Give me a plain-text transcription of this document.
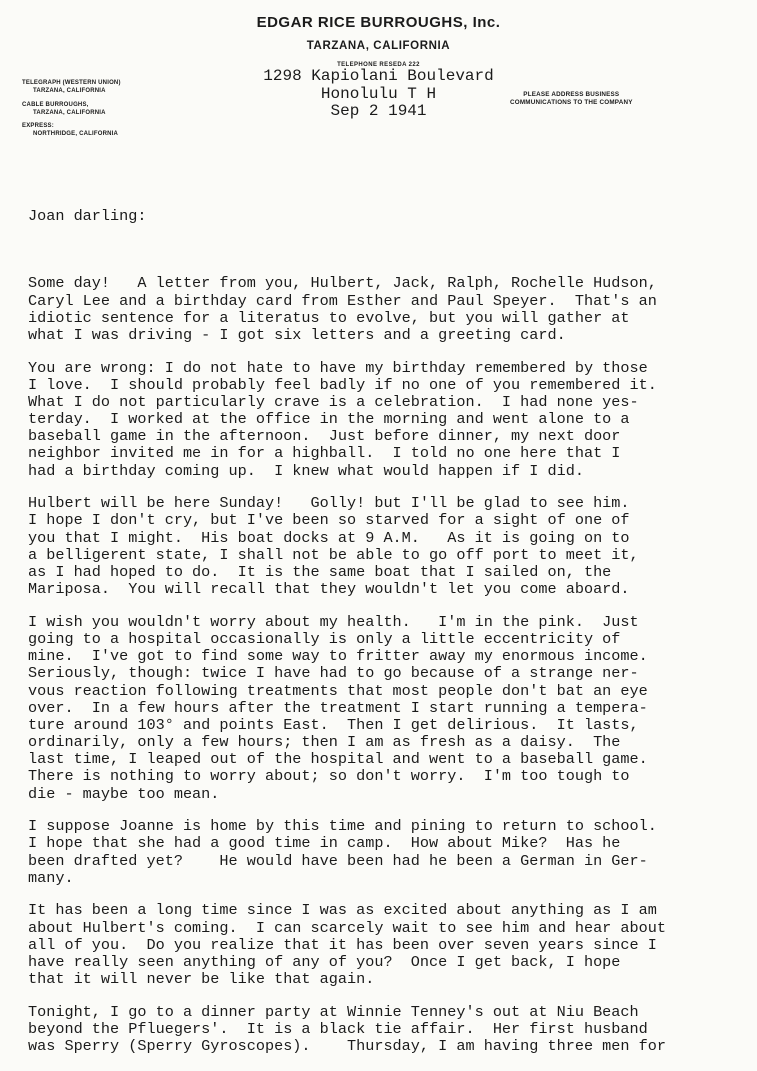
EDGAR RICE BURROUGHS, Inc.
TARZANA, CALIFORNIA
TELEPHONE RESEDA 222
TELEGRAPH (WESTERN UNION)
TARZANA, CALIFORNIA
CABLE BURROUGHS,
TARZANA, CALIFORNIA
EXPRESS:
NORTHRIDGE, CALIFORNIA
PLEASE ADDRESS BUSINESS
COMMUNICATIONS TO THE COMPANY
1298 Kapiolani Boulevard
Honolulu T H
Sep 2 1941

Joan darling:

Some day!   A letter from you, Hulbert, Jack, Ralph, Rochelle Hudson,
Caryl Lee and a birthday card from Esther and Paul Speyer.  That's an
idiotic sentence for a literatus to evolve, but you will gather at
what I was driving - I got six letters and a greeting card.
You are wrong: I do not hate to have my birthday remembered by those
I love.  I should probably feel badly if no one of you remembered it.
What I do not particularly crave is a celebration.  I had none yes-
terday.  I worked at the office in the morning and went alone to a
baseball game in the afternoon.  Just before dinner, my next door
neighbor invited me in for a highball.  I told no one here that I
had a birthday coming up.  I knew what would happen if I did.
Hulbert will be here Sunday!   Golly! but I'll be glad to see him.
I hope I don't cry, but I've been so starved for a sight of one of
you that I might.  His boat docks at 9 A.M.   As it is going on to
a belligerent state, I shall not be able to go off port to meet it,
as I had hoped to do.  It is the same boat that I sailed on, the
Mariposa.  You will recall that they wouldn't let you come aboard.
I wish you wouldn't worry about my health.   I'm in the pink.  Just
going to a hospital occasionally is only a little eccentricity of
mine.  I've got to find some way to fritter away my enormous income.
Seriously, though: twice I have had to go because of a strange ner-
vous reaction following treatments that most people don't bat an eye
over.  In a few hours after the treatment I start running a tempera-
ture around 103° and points East.  Then I get delirious.  It lasts,
ordinarily, only a few hours; then I am as fresh as a daisy.  The
last time, I leaped out of the hospital and went to a baseball game.
There is nothing to worry about; so don't worry.  I'm too tough to
die - maybe too mean.
I suppose Joanne is home by this time and pining to return to school.
I hope that she had a good time in camp.  How about Mike?  Has he
been drafted yet?    He would have been had he been a German in Ger-
many.
It has been a long time since I was as excited about anything as I am
about Hulbert's coming.  I can scarcely wait to see him and hear about
all of you.  Do you realize that it has been over seven years since I
have really seen anything of any of you?  Once I get back, I hope
that it will never be like that again.
Tonight, I go to a dinner party at Winnie Tenney's out at Niu Beach
beyond the Pfluegers'.  It is a black tie affair.  Her first husband
was Sperry (Sperry Gyroscopes).    Thursday, I am having three men for
